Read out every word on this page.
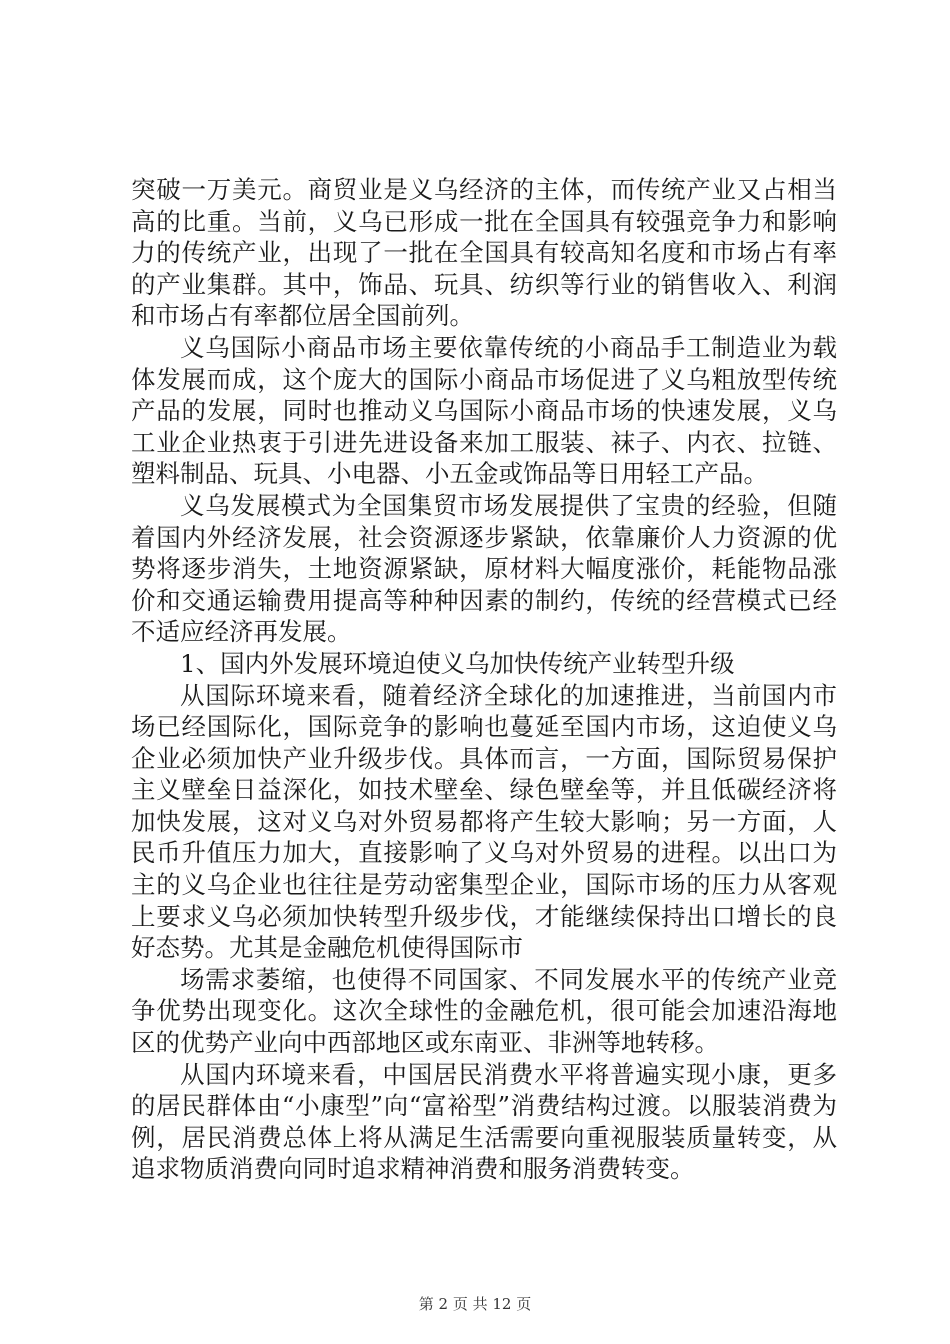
突破一万美元。商贸业是义乌经济的主体，而传统产业又占相当高的比重。当前，义乌已形成一批在全国具有较强竞争力和影响力的传统产业，出现了一批在全国具有较高知名度和市场占有率的产业集群。其中，饰品、玩具、纺织等行业的销售收入、利润和市场占有率都位居全国前列。

义乌国际小商品市场主要依靠传统的小商品手工制造业为载体发展而成，这个庞大的国际小商品市场促进了义乌粗放型传统产品的发展，同时也推动义乌国际小商品市场的快速发展，义乌工业企业热衷于引进先进设备来加工服装、袜子、内衣、拉链、塑料制品、玩具、小电器、小五金或饰品等日用轻工产品。

义乌发展模式为全国集贸市场发展提供了宝贵的经验，但随着国内外经济发展，社会资源逐步紧缺，依靠廉价人力资源的优势将逐步消失，土地资源紧缺，原材料大幅度涨价，耗能物品涨价和交通运输费用提高等种种因素的制约，传统的经营模式已经不适应经济再发展。

1、国内外发展环境迫使义乌加快传统产业转型升级

从国际环境来看，随着经济全球化的加速推进，当前国内市场已经国际化，国际竞争的影响也蔓延至国内市场，这迫使义乌企业必须加快产业升级步伐。具体而言，一方面，国际贸易保护主义壁垒日益深化，如技术壁垒、绿色壁垒等，并且低碳经济将加快发展，这对义乌对外贸易都将产生较大影响；另一方面，人民币升值压力加大，直接影响了义乌对外贸易的进程。以出口为主的义乌企业也往往是劳动密集型企业，国际市场的压力从客观上要求义乌必须加快转型升级步伐，才能继续保持出口增长的良好态势。尤其是金融危机使得国际市

场需求萎缩，也使得不同国家、不同发展水平的传统产业竞争优势出现变化。这次全球性的金融危机，很可能会加速沿海地区的优势产业向中西部地区或东南亚、非洲等地转移。

从国内环境来看，中国居民消费水平将普遍实现小康，更多的居民群体由“小康型”向“富裕型”消费结构过渡。以服装消费为例，居民消费总体上将从满足生活需要向重视服装质量转变，从追求物质消费向同时追求精神消费和服务消费转变。

第 2 页 共 12 页
